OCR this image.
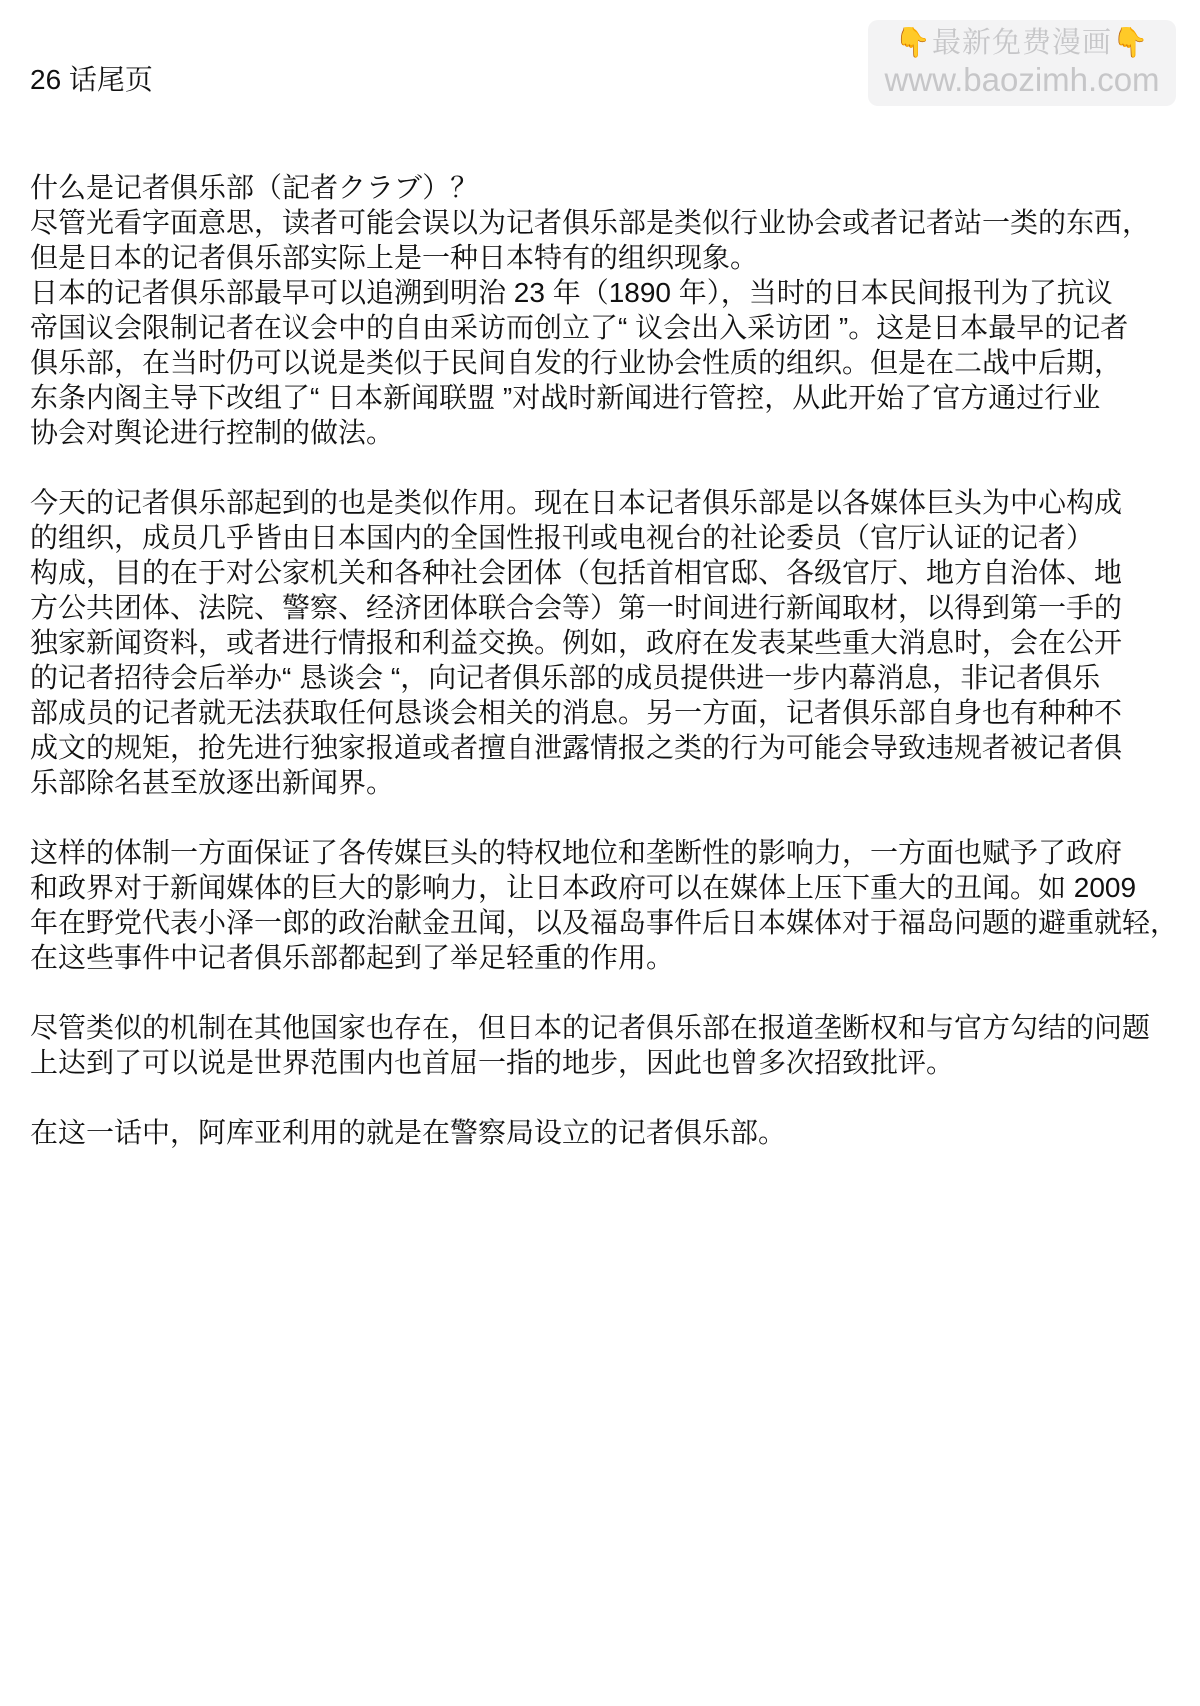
26 话尾页
👇最新免费漫画👇
www.baozimh.com

什么是记者俱乐部（記者クラブ）？
尽管光看字面意思，读者可能会误以为记者俱乐部是类似行业协会或者记者站一类的东西，
但是日本的记者俱乐部实际上是一种日本特有的组织现象。
日本的记者俱乐部最早可以追溯到明治 23 年（1890 年），当时的日本民间报刊为了抗议
帝国议会限制记者在议会中的自由采访而创立了“ 议会出入采访团 ”。这是日本最早的记者
俱乐部，在当时仍可以说是类似于民间自发的行业协会性质的组织。但是在二战中后期，
东条内阁主导下改组了“ 日本新闻联盟 ”对战时新闻进行管控，从此开始了官方通过行业
协会对舆论进行控制的做法。

今天的记者俱乐部起到的也是类似作用。现在日本记者俱乐部是以各媒体巨头为中心构成
的组织，成员几乎皆由日本国内的全国性报刊或电视台的社论委员（官厅认证的记者）
构成，目的在于对公家机关和各种社会团体（包括首相官邸、各级官厅、地方自治体、地
方公共团体、法院、警察、经济团体联合会等）第一时间进行新闻取材，以得到第一手的
独家新闻资料，或者进行情报和利益交换。例如，政府在发表某些重大消息时，会在公开
的记者招待会后举办“ 恳谈会 “，向记者俱乐部的成员提供进一步内幕消息，非记者俱乐
部成员的记者就无法获取任何恳谈会相关的消息。另一方面，记者俱乐部自身也有种种不
成文的规矩，抢先进行独家报道或者擅自泄露情报之类的行为可能会导致违规者被记者俱
乐部除名甚至放逐出新闻界。

这样的体制一方面保证了各传媒巨头的特权地位和垄断性的影响力，一方面也赋予了政府
和政界对于新闻媒体的巨大的影响力，让日本政府可以在媒体上压下重大的丑闻。如 2009
年在野党代表小泽一郎的政治献金丑闻，以及福岛事件后日本媒体对于福岛问题的避重就轻，
在这些事件中记者俱乐部都起到了举足轻重的作用。

尽管类似的机制在其他国家也存在，但日本的记者俱乐部在报道垄断权和与官方勾结的问题
上达到了可以说是世界范围内也首屈一指的地步，因此也曾多次招致批评。

在这一话中，阿库亚利用的就是在警察局设立的记者俱乐部。
